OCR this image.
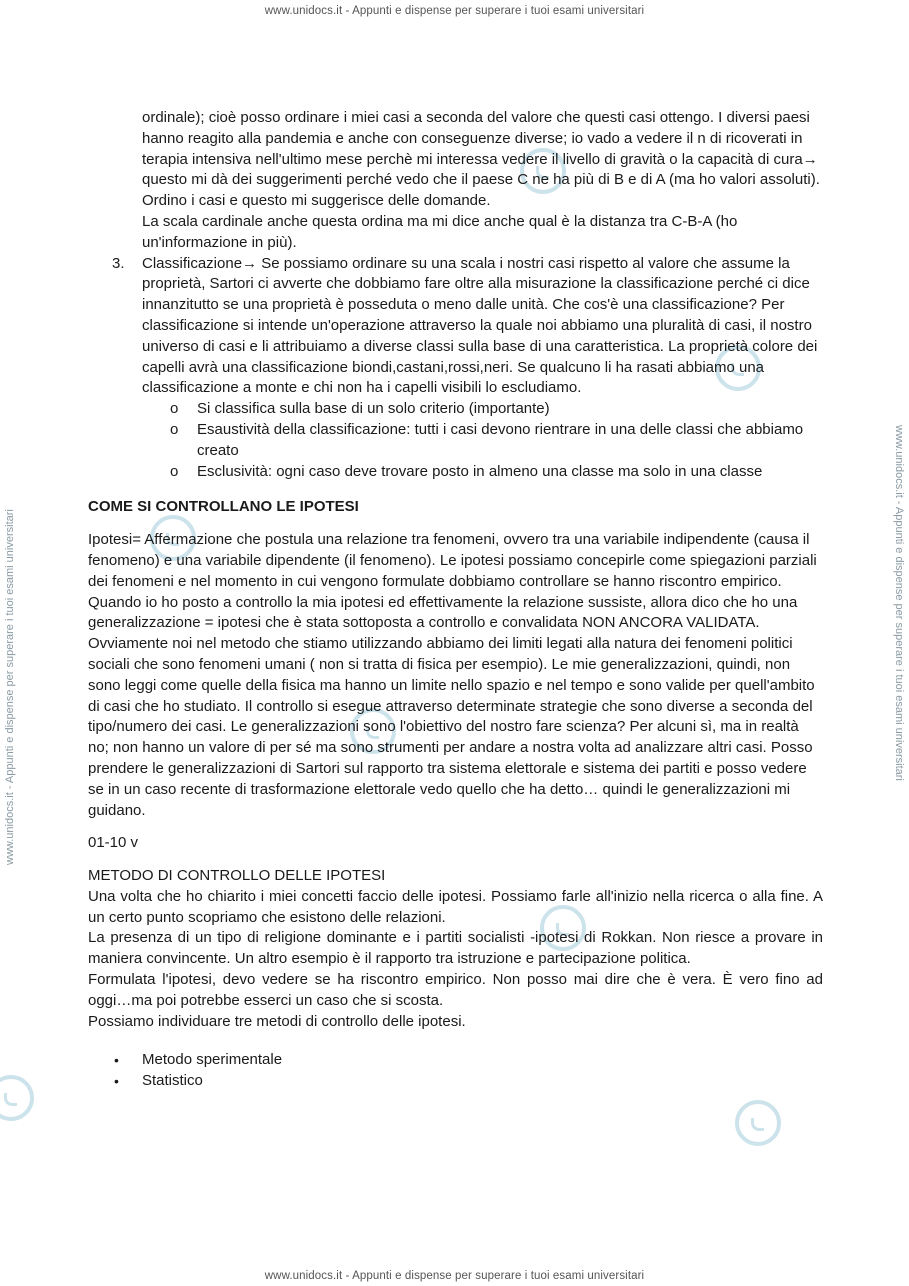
www.unidocs.it - Appunti e dispense per superare i tuoi esami universitari
www.unidocs.it - Appunti e dispense per superare i tuoi esami universitari	www.unidocs.it - Appunti e dispense per superare i tuoi esami universitari

ordinale); cioè posso ordinare i miei casi a seconda del valore che questi casi ottengo. I diversi paesi hanno reagito alla pandemia e anche con conseguenze diverse; io vado a vedere il n di ricoverati in terapia intensiva nell'ultimo mese perchè mi interessa vedere il livello di gravità o la capacità di cura→ questo mi dà dei suggerimenti perché vedo che il paese C ne ha più di B e di A (ma ho valori assoluti). Ordino i casi e questo mi suggerisce delle domande.

La scala cardinale anche questa ordina ma mi dice anche qual è la distanza tra C-B-A (ho un'informazione in più).

3. Classificazione→ Se possiamo ordinare su una scala i nostri casi rispetto al valore che assume la proprietà, Sartori ci avverte che dobbiamo fare oltre alla misurazione la classificazione perché ci dice innanzitutto se una proprietà è posseduta o meno dalle unità. Che cos'è una classificazione? Per classificazione si intende un'operazione attraverso la quale noi abbiamo una pluralità di casi, il nostro universo di casi e li attribuiamo a diverse classi sulla base di una caratteristica. La proprietà colore dei capelli avrà una classificazione biondi,castani,rossi,neri. Se qualcuno li ha rasati abbiamo una classificazione a monte e chi non ha i capelli visibili lo escludiamo.

o Si classifica sulla base di un solo criterio (importante)
o Esaustività della classificazione: tutti i casi devono rientrare in una delle classi che abbiamo creato
o Esclusività: ogni caso deve trovare posto in almeno una classe ma solo in una classe

COME SI CONTROLLANO LE IPOTESI

Ipotesi= Affermazione che postula una relazione tra fenomeni, ovvero tra una variabile indipendente (causa il fenomeno) e una variabile dipendente (il fenomeno). Le ipotesi possiamo concepirle come spiegazioni parziali dei fenomeni e nel momento in cui vengono formulate dobbiamo controllare se hanno riscontro empirico. Quando io ho posto a controllo la mia ipotesi ed effettivamente la relazione sussiste, allora dico che ho una generalizzazione = ipotesi che è stata sottoposta a controllo e convalidata NON ANCORA VALIDATA. Ovviamente noi nel metodo che stiamo utilizzando abbiamo dei limiti legati alla natura dei fenomeni politici sociali che sono fenomeni umani ( non si tratta di fisica per esempio). Le mie generalizzazioni, quindi, non sono leggi come quelle della fisica ma hanno un limite nello spazio e nel tempo e sono valide per quell'ambito di casi che ho studiato. Il controllo si esegue attraverso determinate strategie che sono diverse a seconda del tipo/numero dei casi. Le generalizzazioni sono l'obiettivo del nostro fare scienza? Per alcuni sì, ma in realtà no; non hanno un valore di per sé ma sono strumenti per andare a nostra volta ad analizzare altri casi. Posso prendere le generalizzazioni di Sartori sul rapporto tra sistema elettorale e sistema dei partiti e posso vedere se in un caso recente di trasformazione elettorale vedo quello che ha detto… quindi le generalizzazioni mi guidano.

01-10 v

METODO DI CONTROLLO DELLE IPOTESI

Una volta che ho chiarito i miei concetti faccio delle ipotesi. Possiamo farle all'inizio nella ricerca o alla fine. A un certo punto scopriamo che esistono delle relazioni.

La presenza di un tipo di religione dominante e i partiti socialisti -ipotesi di Rokkan. Non riesce a provare in maniera convincente. Un altro esempio è il rapporto tra istruzione e partecipazione politica.

Formulata l'ipotesi, devo vedere se ha riscontro empirico. Non posso mai dire che è vera. È vero fino ad oggi…ma poi potrebbe esserci un caso che si scosta.

Possiamo individuare tre metodi di controllo delle ipotesi.

• Metodo sperimentale
• Statistico
www.unidocs.it - Appunti e dispense per superare i tuoi esami universitari
